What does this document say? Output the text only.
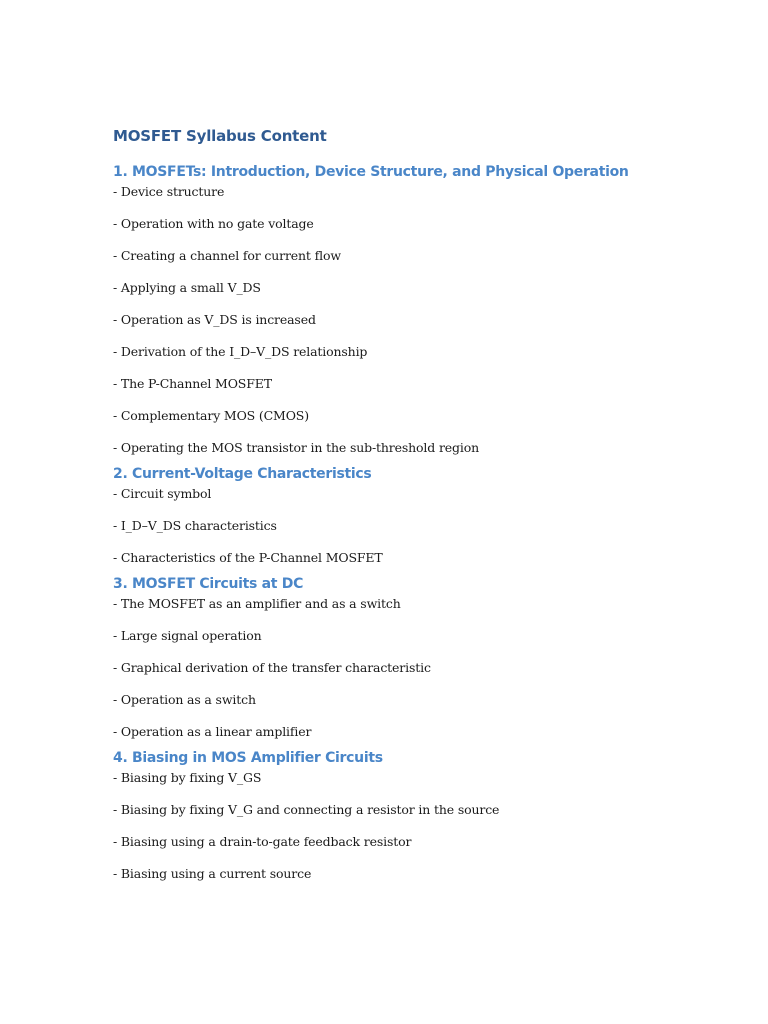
MOSFET Syllabus Content
1. MOSFETs: Introduction, Device Structure, and Physical Operation
- Device structure
- Operation with no gate voltage
- Creating a channel for current flow
- Applying a small V_DS
- Operation as V_DS is increased
- Derivation of the I_D–V_DS relationship
- The P-Channel MOSFET
- Complementary MOS (CMOS)
- Operating the MOS transistor in the sub-threshold region
2. Current-Voltage Characteristics
- Circuit symbol
- I_D–V_DS characteristics
- Characteristics of the P-Channel MOSFET
3. MOSFET Circuits at DC
- The MOSFET as an amplifier and as a switch
- Large signal operation
- Graphical derivation of the transfer characteristic
- Operation as a switch
- Operation as a linear amplifier
4. Biasing in MOS Amplifier Circuits
- Biasing by fixing V_GS
- Biasing by fixing V_G and connecting a resistor in the source
- Biasing using a drain-to-gate feedback resistor
- Biasing using a current source
